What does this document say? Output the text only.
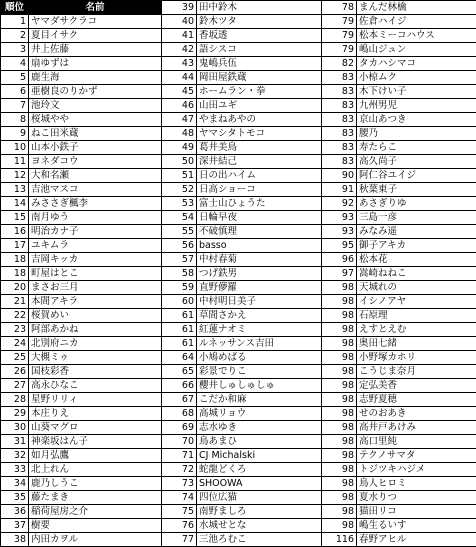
順位	名前
1	ヤマダサクラコ
2	夏目イサク
3	井上佐藤
4	扇ゆずは
5	鹿生海
6	亜樹良のりかず
7	池玲文
8	桜城やや
9	ねこ田米蔵
10	山本小鉄子
11	ヨネダコウ
12	大和名瀬
13	吉池マスコ
14	みささぎ楓李
15	南月ゆう
16	明治カナ子
17	ユキムラ
18	吉岡キッカ
18	町屋はとこ
20	まさお三月
21	本間アキラ
22	桜賀めい
23	阿部あかね
24	北別府ニカ
25	大槻ミゥ
26	国枝彩香
27	高永ひなこ
28	星野リリィ
29	本庄りえ
30	山葵マグロ
31	神楽坂はん子
32	如月弘鷹
33	北上れん
34	鹿乃しうこ
35	藤たまき
36	稲荷屋房之介
37	樹要
38	内田カヲル
39	田中鈴木
40	鈴木ツタ
41	香坂透
42	語シスコ
43	鬼嶋兵伍
44	岡田屋鉄蔵
45	ホームラン・拳
46	山田ユギ
47	やまねあやの
48	ヤマシタトモコ
49	葛井美鳥
50	深井結己
51	日の出ハイム
52	日高ショーコ
53	富士山ひょうた
54	日輪早夜
55	不破慎理
56	basso
57	中村春菊
58	つげ鉄男
59	直野儚羅
60	中村明日美子
61	草間さかえ
61	紅蓮ナオミ
61	ルネッサンス吉田
64	小鳩めばる
65	彩景でりこ
66	櫻井しゅしゅしゅ
67	こだか和麻
68	高城リョウ
69	志水ゆき
70	鳥あまひ
71	CJ Michalski
72	蛇龍どくろ
73	SHOOWA
74	四位広猫
75	南野ましろ
76	水城せとな
77	三池ろむこ
78	まんだ林檎
79	佐倉ハイジ
79	松本ミーコハウス
79	嶋山ジュン
82	タカハシマコ
83	小椋ムク
83	木下けい子
83	九州男児
83	京山あつき
83	腰乃
83	寿たらこ
83	高久尚子
90	阿仁谷ユイジ
91	秋葉東子
92	あさぎりゆ
93	三島一彦
93	みなみ遥
95	御子アキカ
96	松本花
97	嵩崎ねねこ
98	天城れの
98	イシノアヤ
98	石原理
98	えすとえむ
98	奥田七緒
98	小野塚カホリ
98	こうじま奈月
98	定弘美香
98	志野夏穂
98	せのおあき
98	高井戸あけみ
98	高口里純
98	テクノサマタ
98	トジツキハジメ
98	鳥人ヒロミ
98	夏水りつ
98	猫田リコ
98	嶋生るいす
116	春野アヒル
